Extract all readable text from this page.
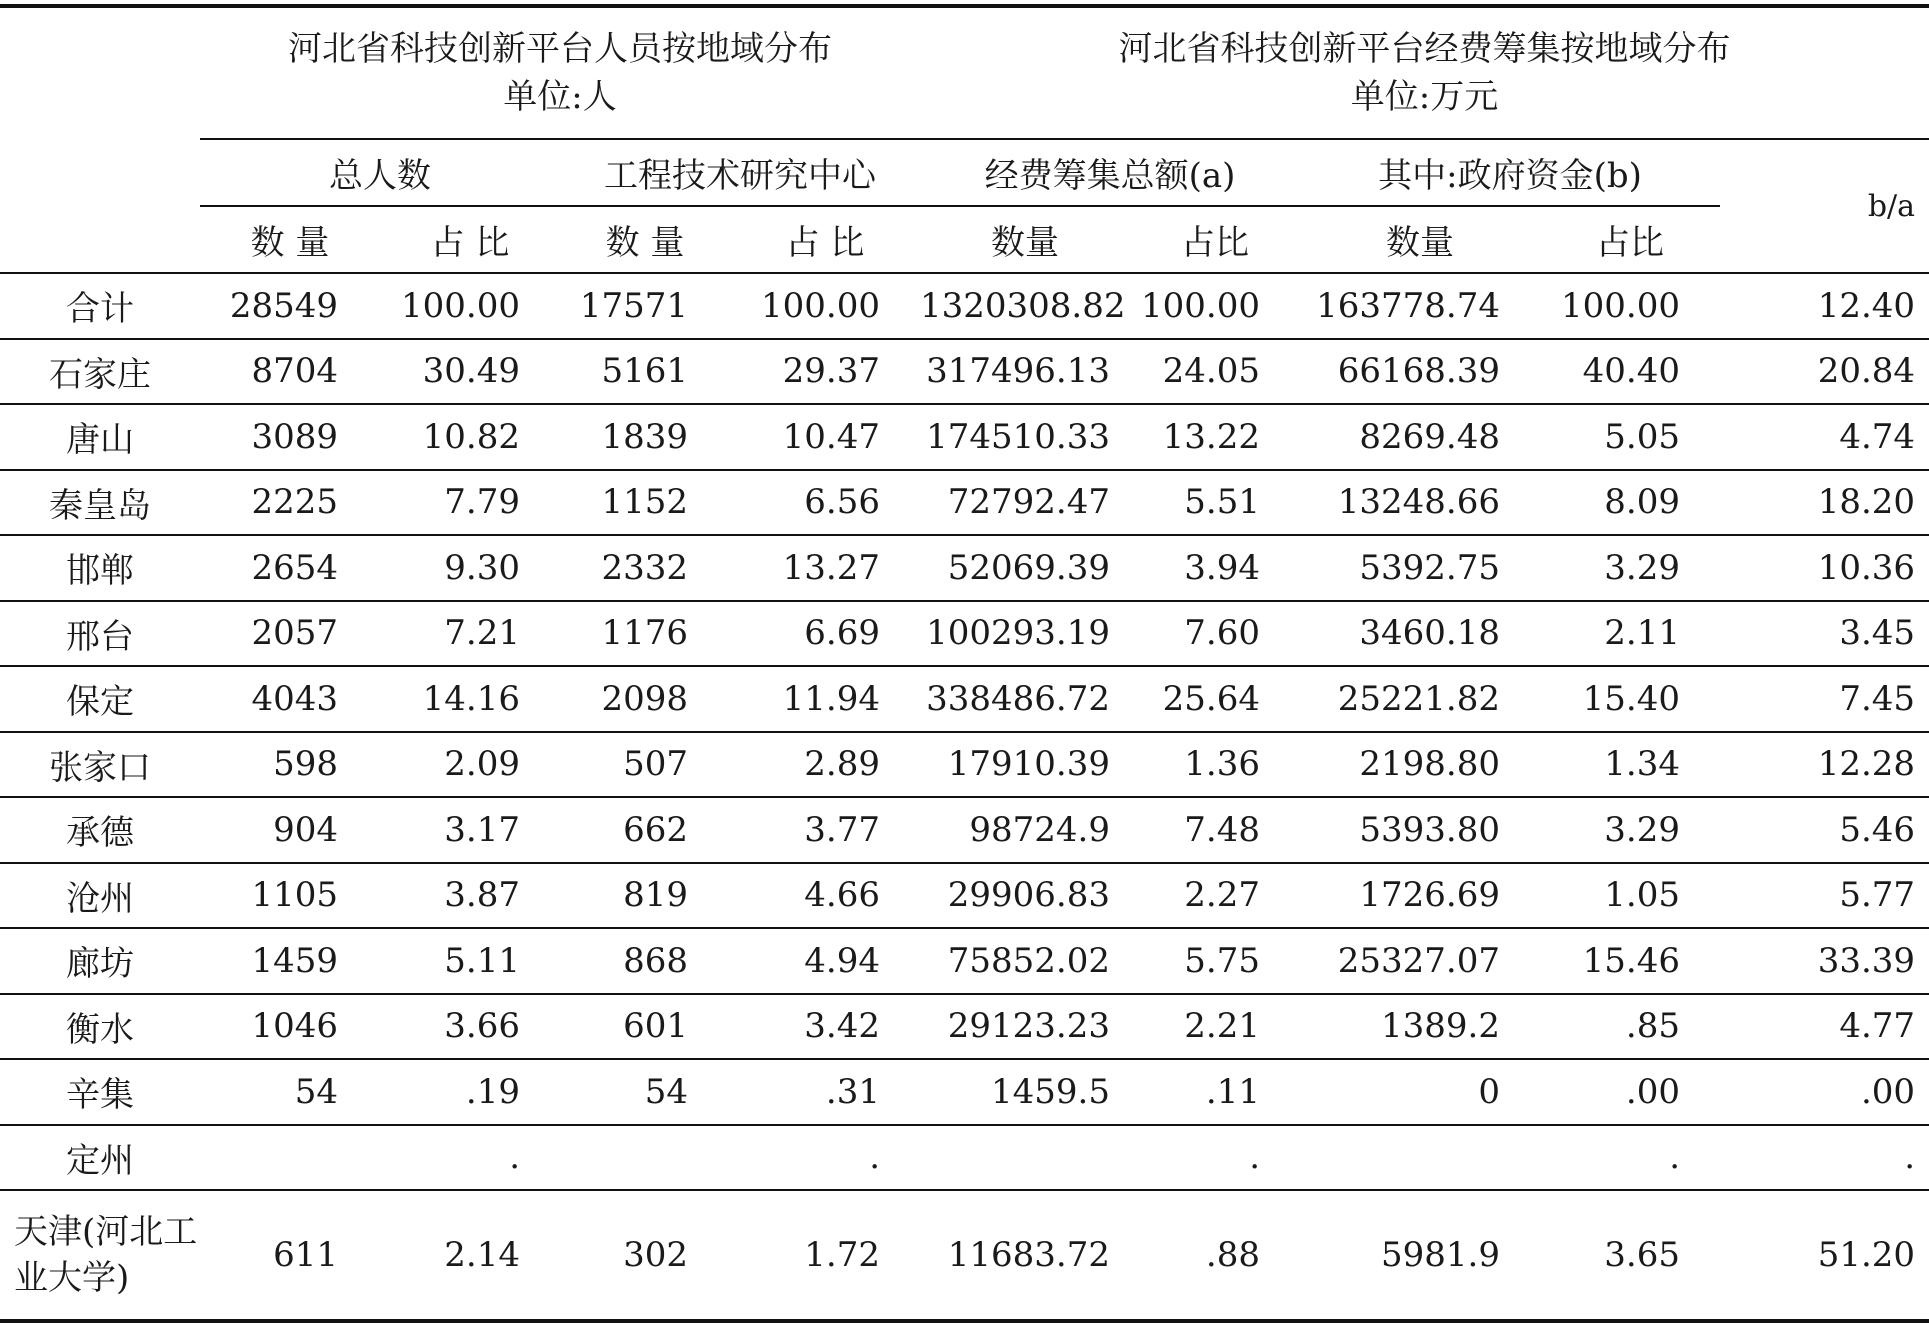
	河北省科技创新平台人员按地域分布
单位:人				河北省科技创新平台经费筹集按地域分布
单位:万元				

	总人数		工程技术研究中心		经费筹集总额(a)		其中:政府资金(b)		b/a
	数 量	占 比	数 量	占 比	数量	占比	数量	占比	
合计	28549	100.00	17571	100.00	1320308.82	100.00	163778.74	100.00	12.40
石家庄	8704	30.49	5161	29.37	317496.13	24.05	66168.39	40.40	20.84
唐山	3089	10.82	1839	10.47	174510.33	13.22	8269.48	5.05	4.74
秦皇岛	2225	7.79	1152	6.56	72792.47	5.51	13248.66	8.09	18.20
邯郸	2654	9.30	2332	13.27	52069.39	3.94	5392.75	3.29	10.36
邢台	2057	7.21	1176	6.69	100293.19	7.60	3460.18	2.11	3.45
保定	4043	14.16	2098	11.94	338486.72	25.64	25221.82	15.40	7.45
张家口	598	2.09	507	2.89	17910.39	1.36	2198.80	1.34	12.28
承德	904	3.17	662	3.77	98724.9	7.48	5393.80	3.29	5.46
沧州	1105	3.87	819	4.66	29906.83	2.27	1726.69	1.05	5.77
廊坊	1459	5.11	868	4.94	75852.02	5.75	25327.07	15.46	33.39
衡水	1046	3.66	601	3.42	29123.23	2.21	1389.2	.85	4.77
辛集	54	.19	54	.31	1459.5	.11	0	.00	.00
定州		.		.		.		.	.
天津(河北工业大学)	611	2.14	302	1.72	11683.72	.88	5981.9	3.65	51.20
